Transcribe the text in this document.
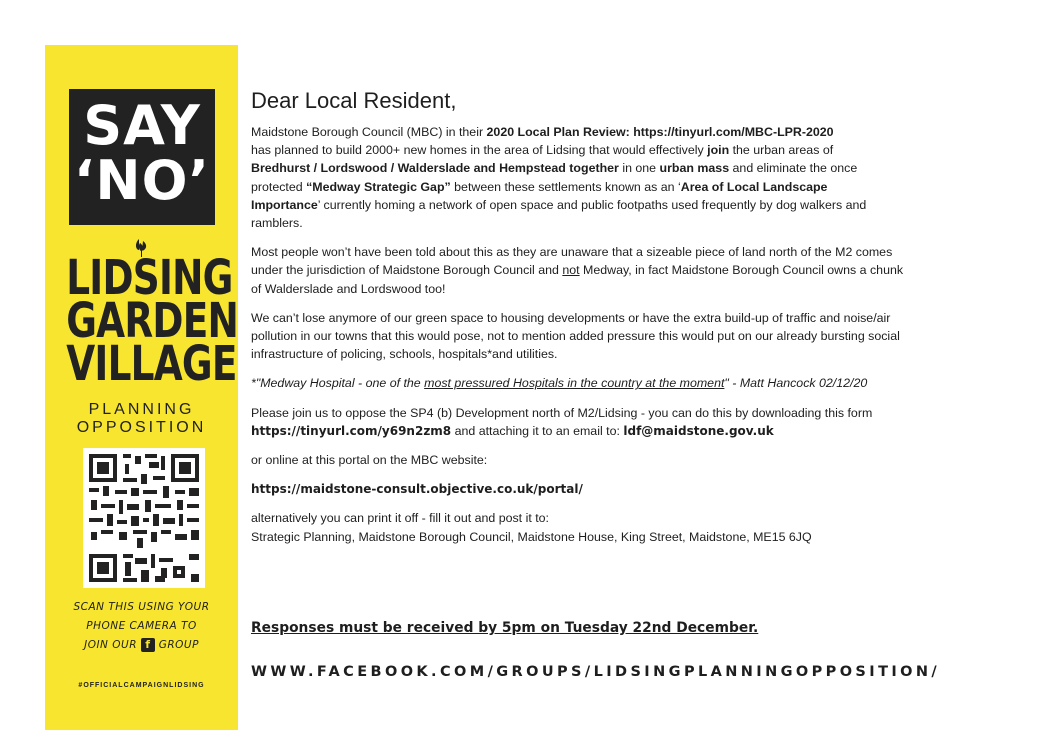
SAY
‘NO’
LIDSING
GARDEN
VILLAGE
PLANNING
OPPOSITION
SCAN THIS USING YOUR
PHONE CAMERA TO
JOIN OUR f GROUP
#OFFICIALCAMPAIGNLIDSING
Dear Local Resident,

Maidstone Borough Council (MBC) in their 2020 Local Plan Review: https://tinyurl.com/MBC-LPR-2020
has planned to build 2000+ new homes in the area of Lidsing that would effectively join the urban areas of
Bredhurst / Lordswood / Walderslade and Hempstead together in one urban mass and eliminate the once
protected “Medway Strategic Gap” between these settlements known as an ‘Area of Local Landscape
Importance’ currently homing a network of open space and public footpaths used frequently by dog walkers and
ramblers.

Most people won’t have been told about this as they are unaware that a sizeable piece of land north of the M2 comes
under the jurisdiction of Maidstone Borough Council and not Medway, in fact Maidstone Borough Council owns a chunk
of Walderslade and Lordswood too!

We can’t lose anymore of our green space to housing developments or have the extra build-up of traffic and noise/air
pollution in our towns that this would pose, not to mention added pressure this would put on our already bursting social
infrastructure of policing, schools, hospitals*and utilities.

*"Medway Hospital - one of the most pressured Hospitals in the country at the moment" - Matt Hancock 02/12/20

Please join us to oppose the SP4 (b) Development north of M2/Lidsing - you can do this by downloading this form
https://tinyurl.com/y69n2zm8 and attaching it to an email to: ldf@maidstone.gov.uk

or online at this portal on the MBC website:

https://maidstone-consult.objective.co.uk/portal/

alternatively you can print it off - fill it out and post it to:
Strategic Planning, Maidstone Borough Council, Maidstone House, King Street, Maidstone, ME15 6JQ

Responses must be received by 5pm on Tuesday 22nd December.
WWW.FACEBOOK.COM/GROUPS/LIDSINGPLANNINGOPPOSITION/
